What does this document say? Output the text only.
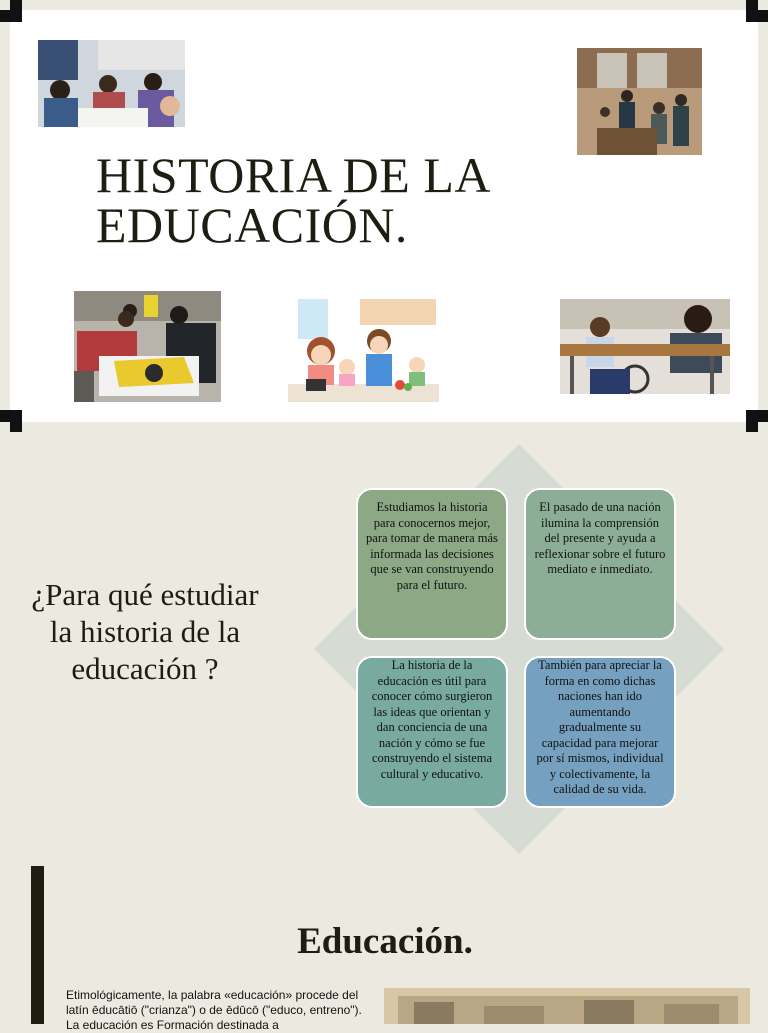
HISTORIA DE LA
EDUCACIÓN.

¿Para qué estudiar la historia de la educación ?

Estudiamos la historia para conocernos mejor, para tomar de manera más informada las decisiones que se van construyendo para el futuro.
El pasado de una nación ilumina la comprensión del presente y ayuda a reflexionar sobre el futuro mediato e inmediato.
La historia de la educación es útil para conocer cómo surgieron las ideas que orientan y dan conciencia de una nación y cómo se fue construyendo el sistema cultural y educativo.
También para apreciar la forma en como dichas naciones han ido aumentando gradualmente su capacidad para mejorar por sí mismos, individual y colectivamente, la calidad de su vida.
Educación.
Etimológicamente, la palabra «educación» procede del latín ēducātiō ("crianza") o de ēdūcō ("educo, entreno"). La educación es Formación destinada a
